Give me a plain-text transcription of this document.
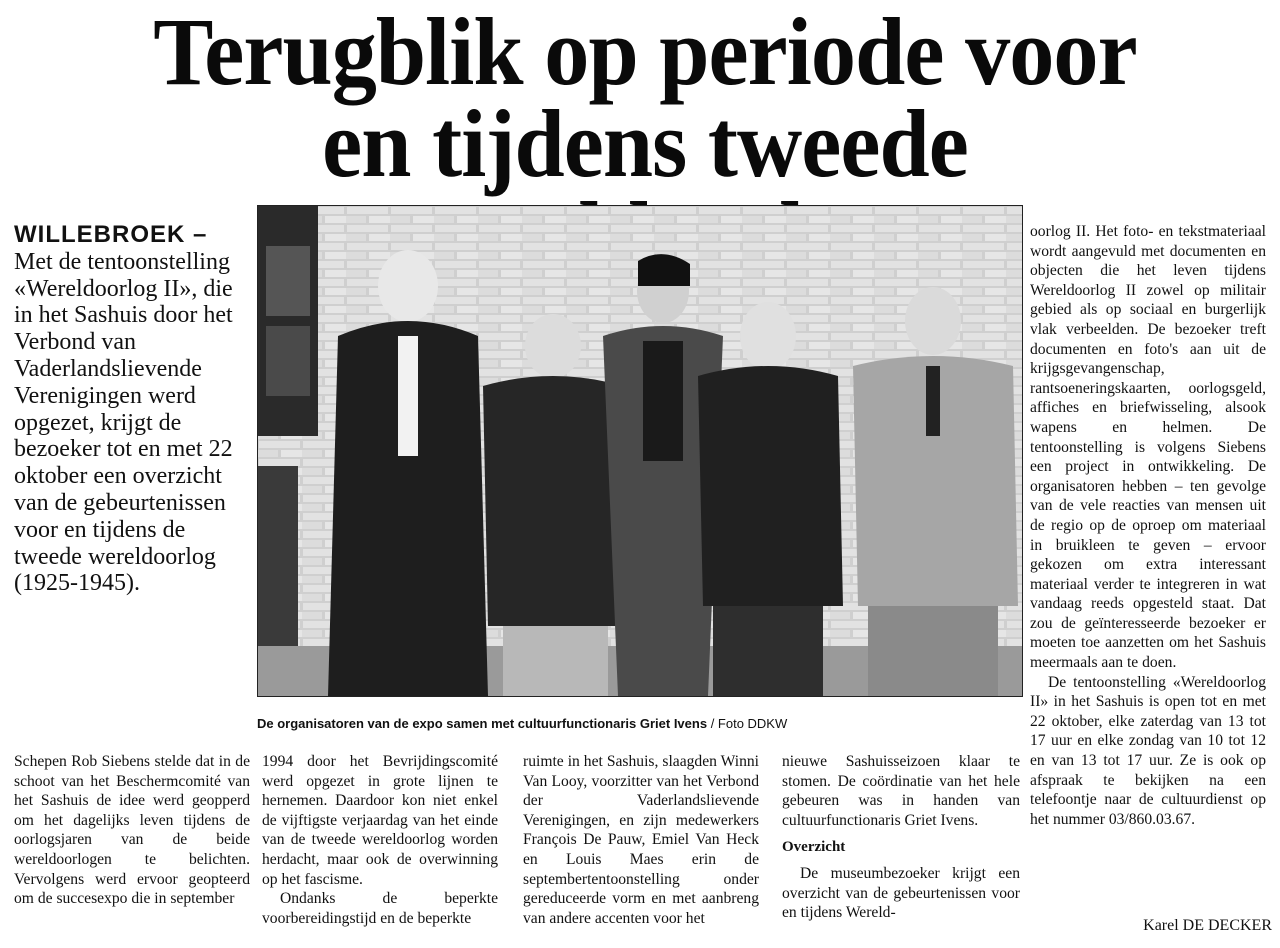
Terugblik op periode voor en tijdens tweede

WILLEBROEK – Met de tentoonstelling «Wereldoorlog II», die in het Sashuis door het Verbond van Vaderlandslievende Verenigingen werd opgezet, krijgt de bezoeker tot en met 22 oktober een overzicht van de gebeurtenissen voor en tijdens de tweede wereldoorlog (1925-1945).

De organisatoren van de expo samen met cultuurfunctionaris Griet Ivens / Foto DDKW

Schepen Rob Siebens stelde dat in de schoot van het Beschermcomité van het Sashuis de idee werd geopperd om het dagelijks leven tijdens de oorlogsjaren van de beide wereldoorlogen te belichten. Vervolgens werd ervoor geopteerd om de succesexpo die in september

1994 door het Bevrijdingscomité werd opgezet in grote lijnen te hernemen. Daardoor kon niet enkel de vijftigste verjaardag van het einde van de tweede wereldoorlog worden herdacht, maar ook de overwinning op het fascisme.

Ondanks de beperkte voorbereidingstijd en de beperkte

ruimte in het Sashuis, slaagden Winni Van Looy, voorzitter van het Verbond der Vaderlandslievende Verenigingen, en zijn medewerkers François De Pauw, Emiel Van Heck en Louis Maes erin de septembertentoonstelling onder gereduceerde vorm en met aanbreng van andere accenten voor het

nieuwe Sashuisseizoen klaar te stomen. De coördinatie van het hele gebeuren was in handen van cultuurfunctionaris Griet Ivens.

Overzicht

De museumbezoeker krijgt een overzicht van de gebeurtenissen voor en tijdens Wereld-

oorlog II. Het foto- en tekstmateriaal wordt aangevuld met documenten en objecten die het leven tijdens Wereldoorlog II zowel op militair gebied als op sociaal en burgerlijk vlak verbeelden. De bezoeker treft documenten en foto's aan uit de krijgsgevangenschap, rantsoeneringskaarten, oorlogsgeld, affiches en briefwisseling, alsook wapens en helmen. De tentoonstelling is volgens Siebens een project in ontwikkeling. De organisatoren hebben – ten gevolge van de vele reacties van mensen uit de regio op de oproep om materiaal in bruikleen te geven – ervoor gekozen om extra interessant materiaal verder te integreren in wat vandaag reeds opgesteld staat. Dat zou de geïnteresseerde bezoeker er moeten toe aanzetten om het Sashuis meermaals aan te doen.

De tentoonstelling «Wereldoorlog II» in het Sashuis is open tot en met 22 oktober, elke zaterdag van 13 tot 17 uur en elke zondag van 10 tot 12 en van 13 tot 17 uur. Ze is ook op afspraak te bekijken na een telefoontje naar de cultuurdienst op het nummer 03/860.03.67.

Karel DE DECKER
